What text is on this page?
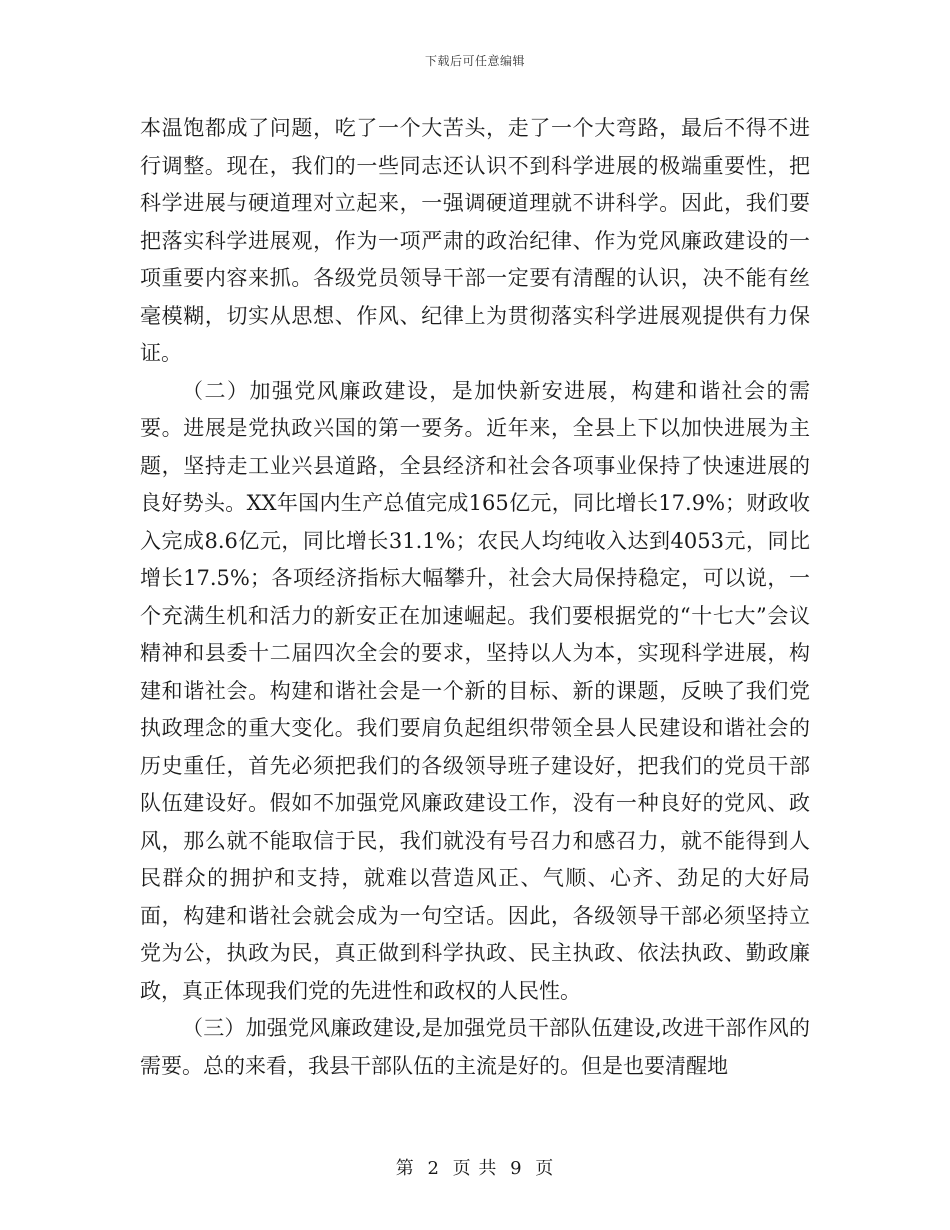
下载后可任意编辑

本温饱都成了问题，吃了一个大苦头，走了一个大弯路，最后不得不进行调整。现在，我们的一些同志还认识不到科学进展的极端重要性，把科学进展与硬道理对立起来，一强调硬道理就不讲科学。因此，我们要把落实科学进展观，作为一项严肃的政治纪律、作为党风廉政建设的一项重要内容来抓。各级党员领导干部一定要有清醒的认识，决不能有丝毫模糊，切实从思想、作风、纪律上为贯彻落实科学进展观提供有力保证。

（二）加强党风廉政建设，是加快新安进展，构建和谐社会的需要。进展是党执政兴国的第一要务。近年来，全县上下以加快进展为主题，坚持走工业兴县道路，全县经济和社会各项事业保持了快速进展的良好势头。XX年国内生产总值完成165亿元，同比增长17.9%；财政收入完成8.6亿元，同比增长31.1%；农民人均纯收入达到4053元，同比增长17.5%；各项经济指标大幅攀升，社会大局保持稳定，可以说，一个充满生机和活力的新安正在加速崛起。我们要根据党的“十七大”会议精神和县委十二届四次全会的要求，坚持以人为本，实现科学进展，构建和谐社会。构建和谐社会是一个新的目标、新的课题，反映了我们党执政理念的重大变化。我们要肩负起组织带领全县人民建设和谐社会的历史重任，首先必须把我们的各级领导班子建设好，把我们的党员干部队伍建设好。假如不加强党风廉政建设工作，没有一种良好的党风、政风，那么就不能取信于民，我们就没有号召力和感召力，就不能得到人民群众的拥护和支持，就难以营造风正、气顺、心齐、劲足的大好局面，构建和谐社会就会成为一句空话。因此，各级领导干部必须坚持立党为公，执政为民，真正做到科学执政、民主执政、依法执政、勤政廉政，真正体现我们党的先进性和政权的人民性。

（三）加强党风廉政建设,是加强党员干部队伍建设,改进干部作风的需要。总的来看，我县干部队伍的主流是好的。但是也要清醒地

第 2 页 共 9 页
